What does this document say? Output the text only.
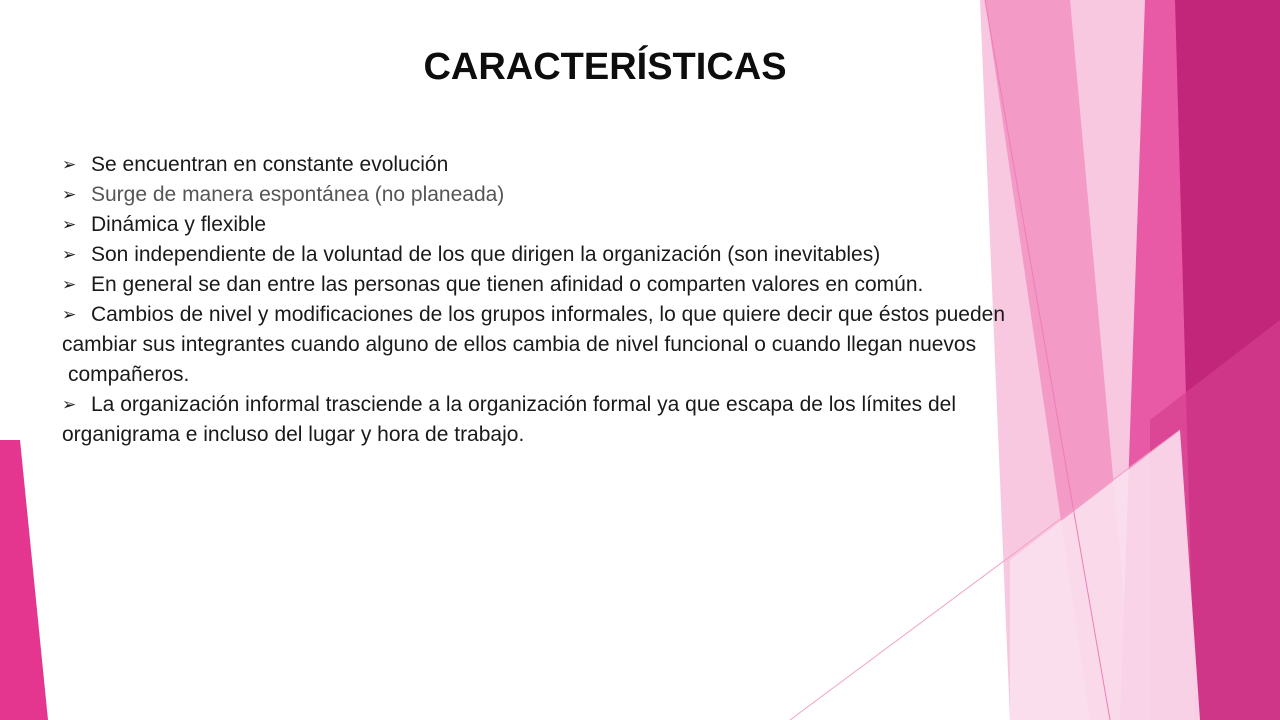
CARACTERÍSTICAS

➢ Se encuentran en constante evolución

➢ Surge de manera espontánea (no planeada)

➢ Dinámica y flexible

➢ Son independiente de la voluntad de los que dirigen la organización (son inevitables)

➢ En general se dan entre las personas que tienen afinidad o comparten valores en común.

➢ Cambios de nivel y modificaciones de los grupos informales, lo que quiere decir que éstos pueden

cambiar sus integrantes cuando alguno de ellos cambia de nivel funcional o cuando llegan nuevos

compañeros.

➢ La organización informal trasciende a la organización formal ya que escapa de los límites del

organigrama e incluso del lugar y hora de trabajo.
